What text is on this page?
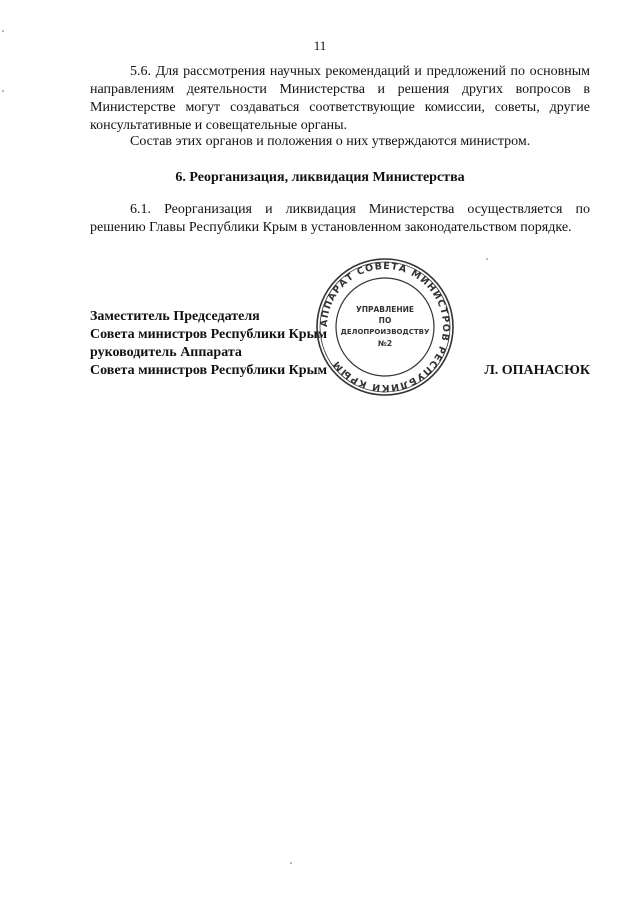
11

5.6. Для рассмотрения научных рекомендаций и предложений по основным направлениям деятельности Министерства и решения других вопросов в Министерстве могут создаваться соответствующие комиссии, советы, другие консультативные и совещательные органы.

Состав этих органов и положения о них утверждаются министром.

6. Реорганизация, ликвидация Министерства

6.1. Реорганизация и ликвидация Министерства осуществляется по решению Главы Республики Крым в установленном законодательством порядке.

Заместитель Председателя
Совета министров Республики Крым
руководитель Аппарата
Совета министров Республики Крым	Л. ОПАНАСЮК
АППАРАТ СОВЕТА МИНИСТРОВ РЕСПУБЛИКИ КРЫМ
УПРАВЛЕНИЕ
ПО
ДЕЛОПРОИЗВОДСТВУ
№2
